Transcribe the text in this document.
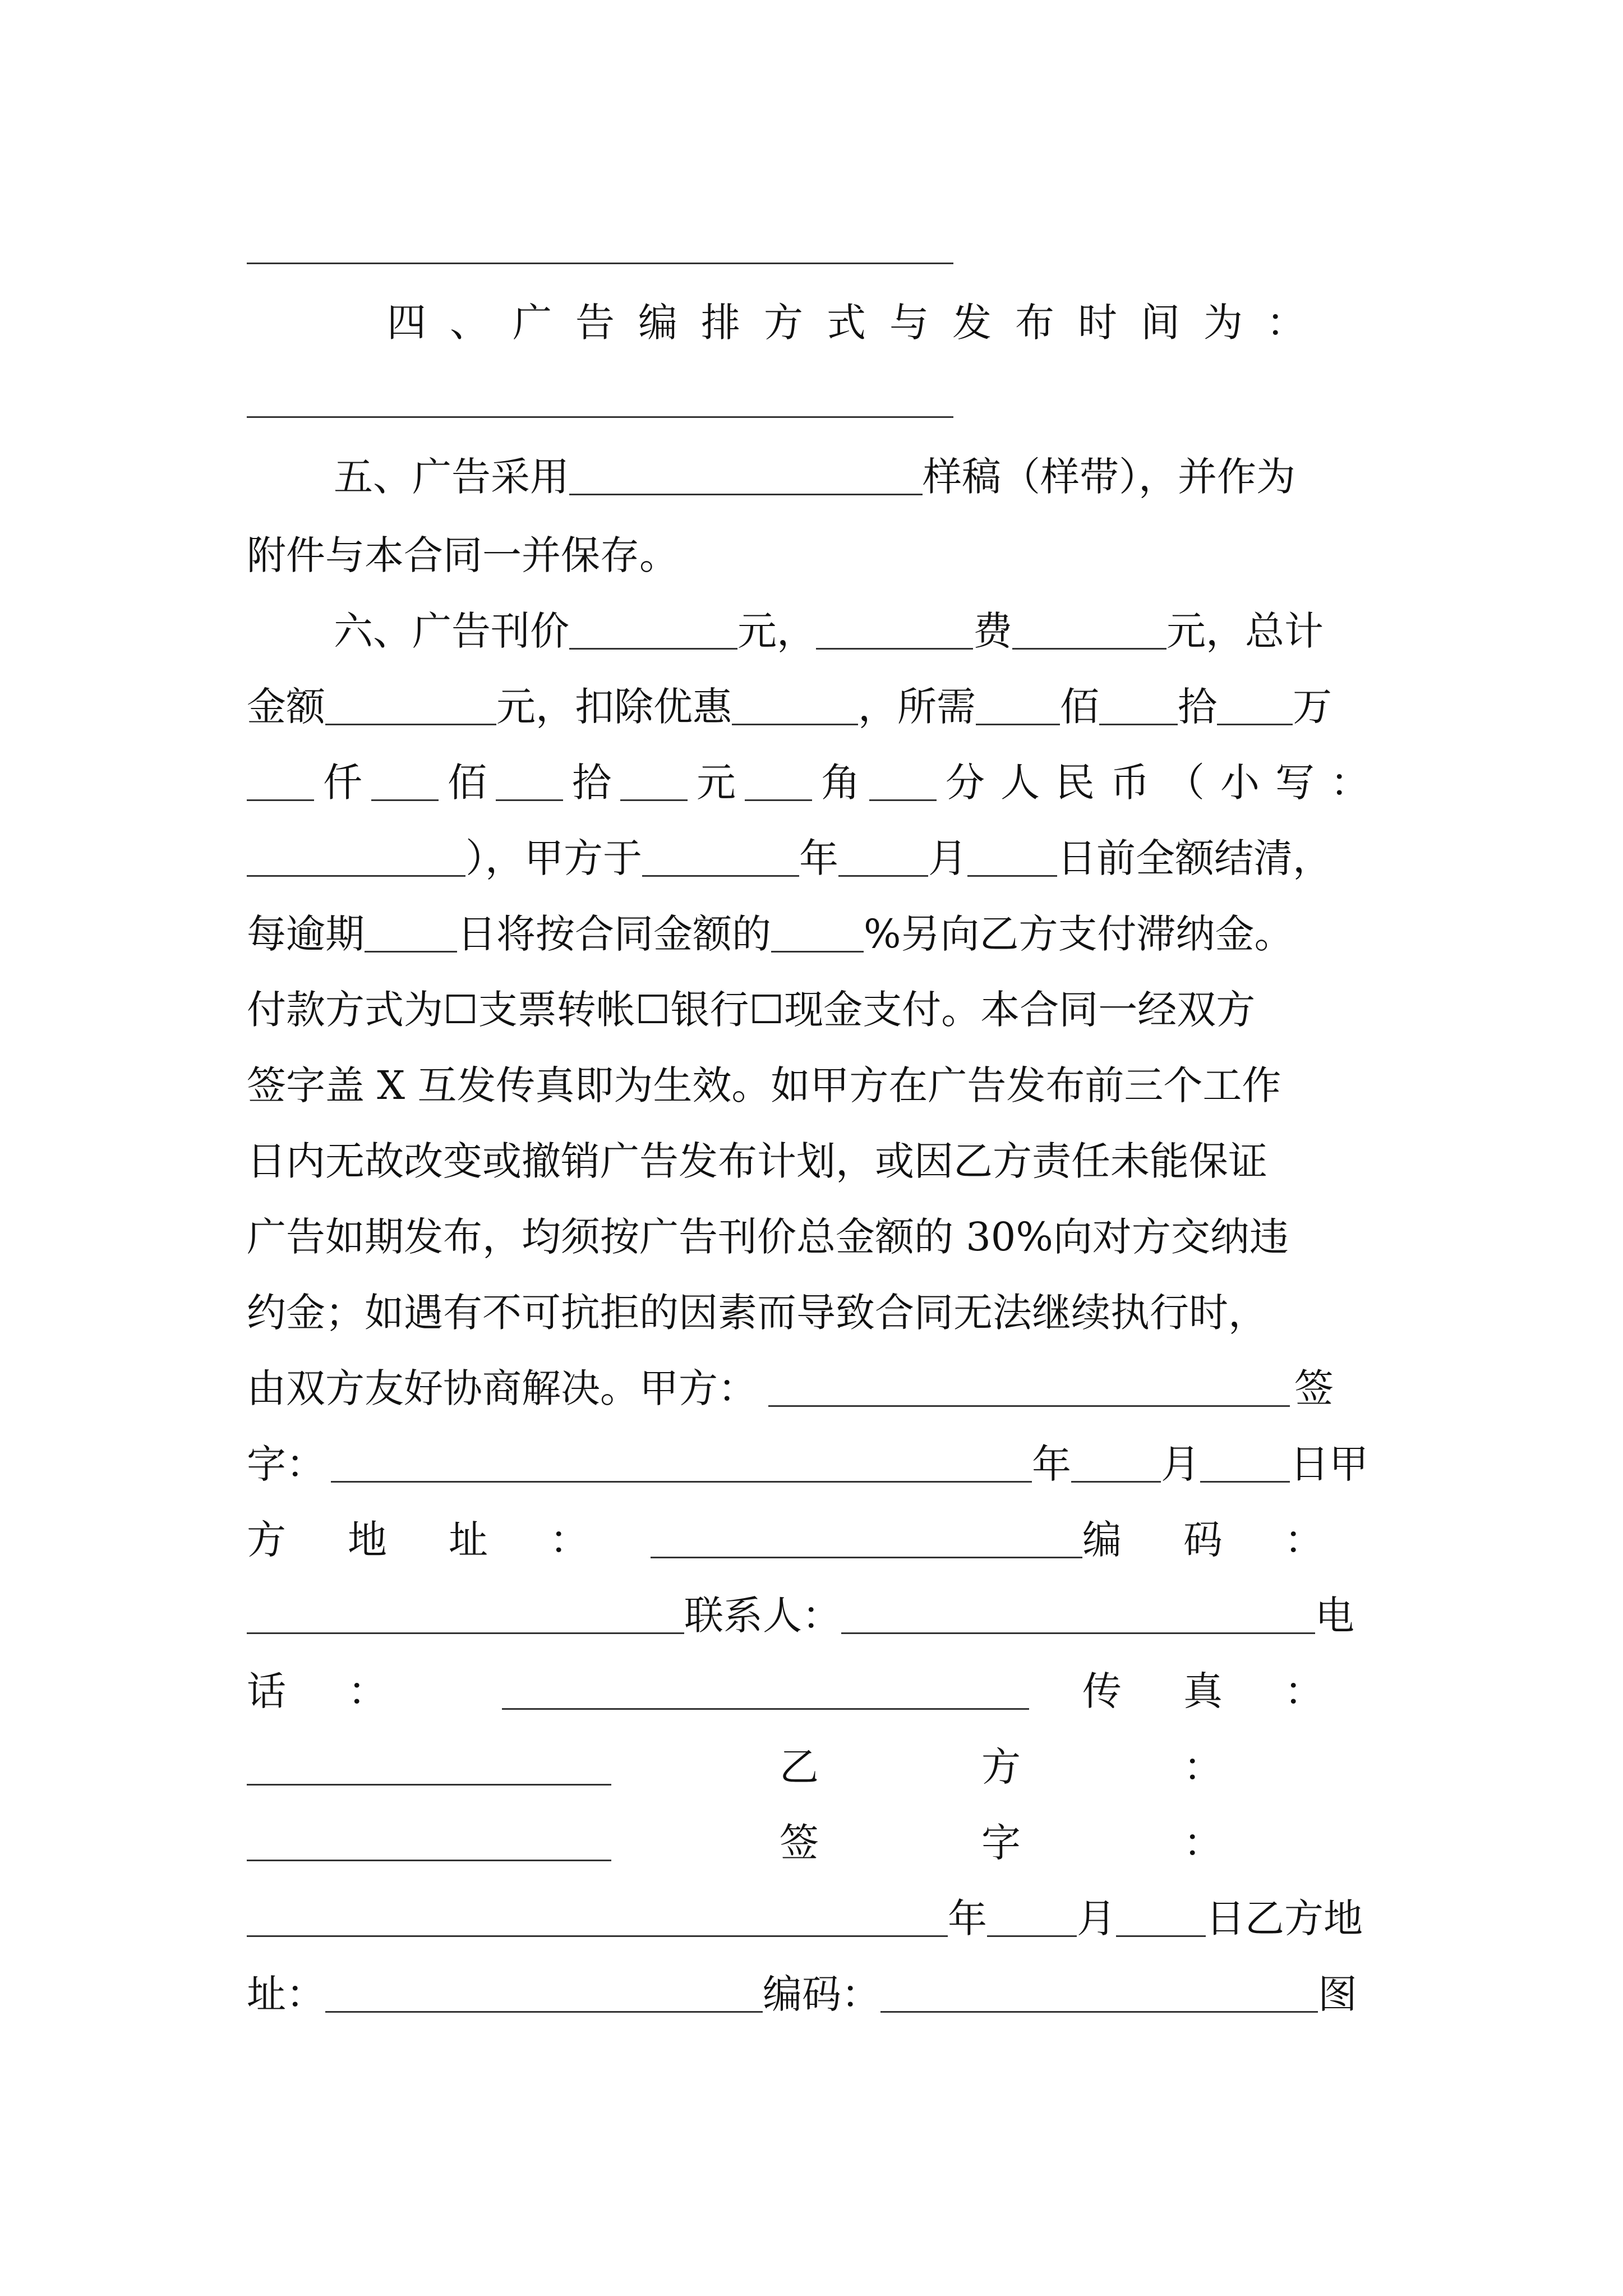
四、广告编排方式与发布时间为：
五、广告采用	样稿（样带），并作为
附件与本合同一并保存。
六、广告刊价	元，	费	元，总计
金额	元，扣除优惠	，所需 佰 拾 万
仟 佰 拾 元 角 分人民币（小写：
），甲方于	年 月 日前全额结清，
每逾期 日将按合同金额的 %另向乙方支付滞纳金。
付款方式为☐支票转帐☐银行☐现金支付。本合同一经双方
签字盖 X 互发传真即为生效。如甲方在广告发布前三个工作
日内无故改变或撤销广告发布计划，或因乙方责任未能保证
广告如期发布，均须按广告刊价总金额的 30%向对方交纳违
约金；如遇有不可抗拒的因素而导致合同无法继续执行时，
由双方友好协商解决。甲方：	签
字：	年 月 日甲
方地址：	编码：
联系人：	电
话：	传真：
乙方：
签字：
年 月 日乙方地
址：	编码：	图
